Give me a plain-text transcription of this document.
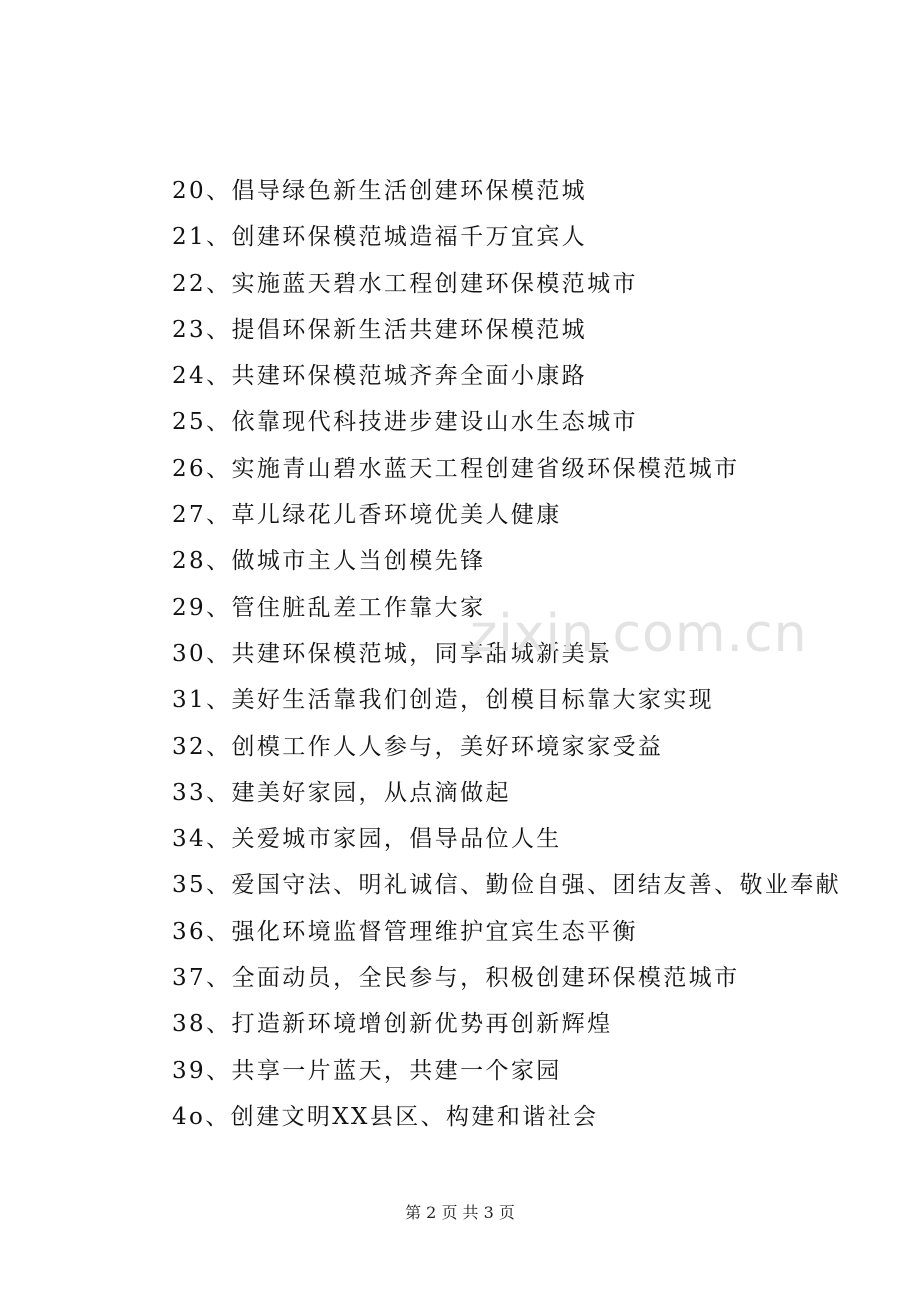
20、倡导绿色新生活创建环保模范城
21、创建环保模范城造福千万宜宾人
22、实施蓝天碧水工程创建环保模范城市
23、提倡环保新生活共建环保模范城
24、共建环保模范城齐奔全面小康路
25、依靠现代科技进步建设山水生态城市
26、实施青山碧水蓝天工程创建省级环保模范城市
27、草儿绿花儿香环境优美人健康
28、做城市主人当创模先锋
29、管住脏乱差工作靠大家
30、共建环保模范城，同享甜城新美景
31、美好生活靠我们创造，创模目标靠大家实现
32、创模工作人人参与，美好环境家家受益
33、建美好家园，从点滴做起
34、关爱城市家园，倡导品位人生
35、爱国守法、明礼诚信、勤俭自强、团结友善、敬业奉献
36、强化环境监督管理维护宜宾生态平衡
37、全面动员，全民参与，积极创建环保模范城市
38、打造新环境增创新优势再创新辉煌
39、共享一片蓝天，共建一个家园
4o、创建文明XX县区、构建和谐社会
zixin.com.cn
第 2 页 共 3 页
